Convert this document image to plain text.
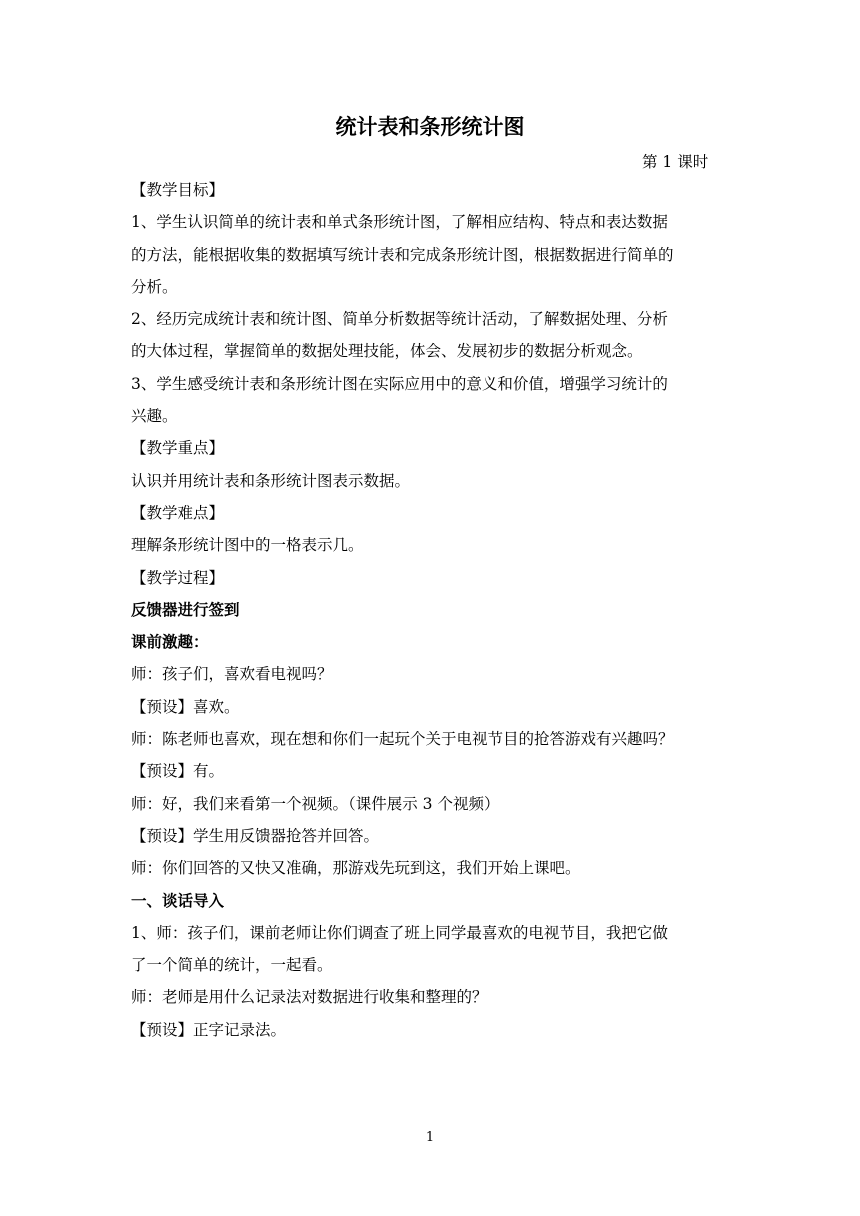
统计表和条形统计图
第 1 课时
【教学目标】
1、学生认识简单的统计表和单式条形统计图，了解相应结构、特点和表达数据
的方法，能根据收集的数据填写统计表和完成条形统计图，根据数据进行简单的
分析。
2、经历完成统计表和统计图、简单分析数据等统计活动，了解数据处理、分析
的大体过程，掌握简单的数据处理技能，体会、发展初步的数据分析观念。
3、学生感受统计表和条形统计图在实际应用中的意义和价值，增强学习统计的
兴趣。
【教学重点】
认识并用统计表和条形统计图表示数据。
【教学难点】
理解条形统计图中的一格表示几。
【教学过程】
反馈器进行签到
课前激趣：
师：孩子们，喜欢看电视吗？
【预设】喜欢。
师：陈老师也喜欢，现在想和你们一起玩个关于电视节目的抢答游戏有兴趣吗？
【预设】有。
师：好，我们来看第一个视频。（课件展示 3 个视频）
【预设】学生用反馈器抢答并回答。
师：你们回答的又快又准确，那游戏先玩到这，我们开始上课吧。
一、谈话导入
1、师：孩子们，课前老师让你们调查了班上同学最喜欢的电视节目，我把它做
了一个简单的统计，一起看。
师：老师是用什么记录法对数据进行收集和整理的？
【预设】正字记录法。
1
